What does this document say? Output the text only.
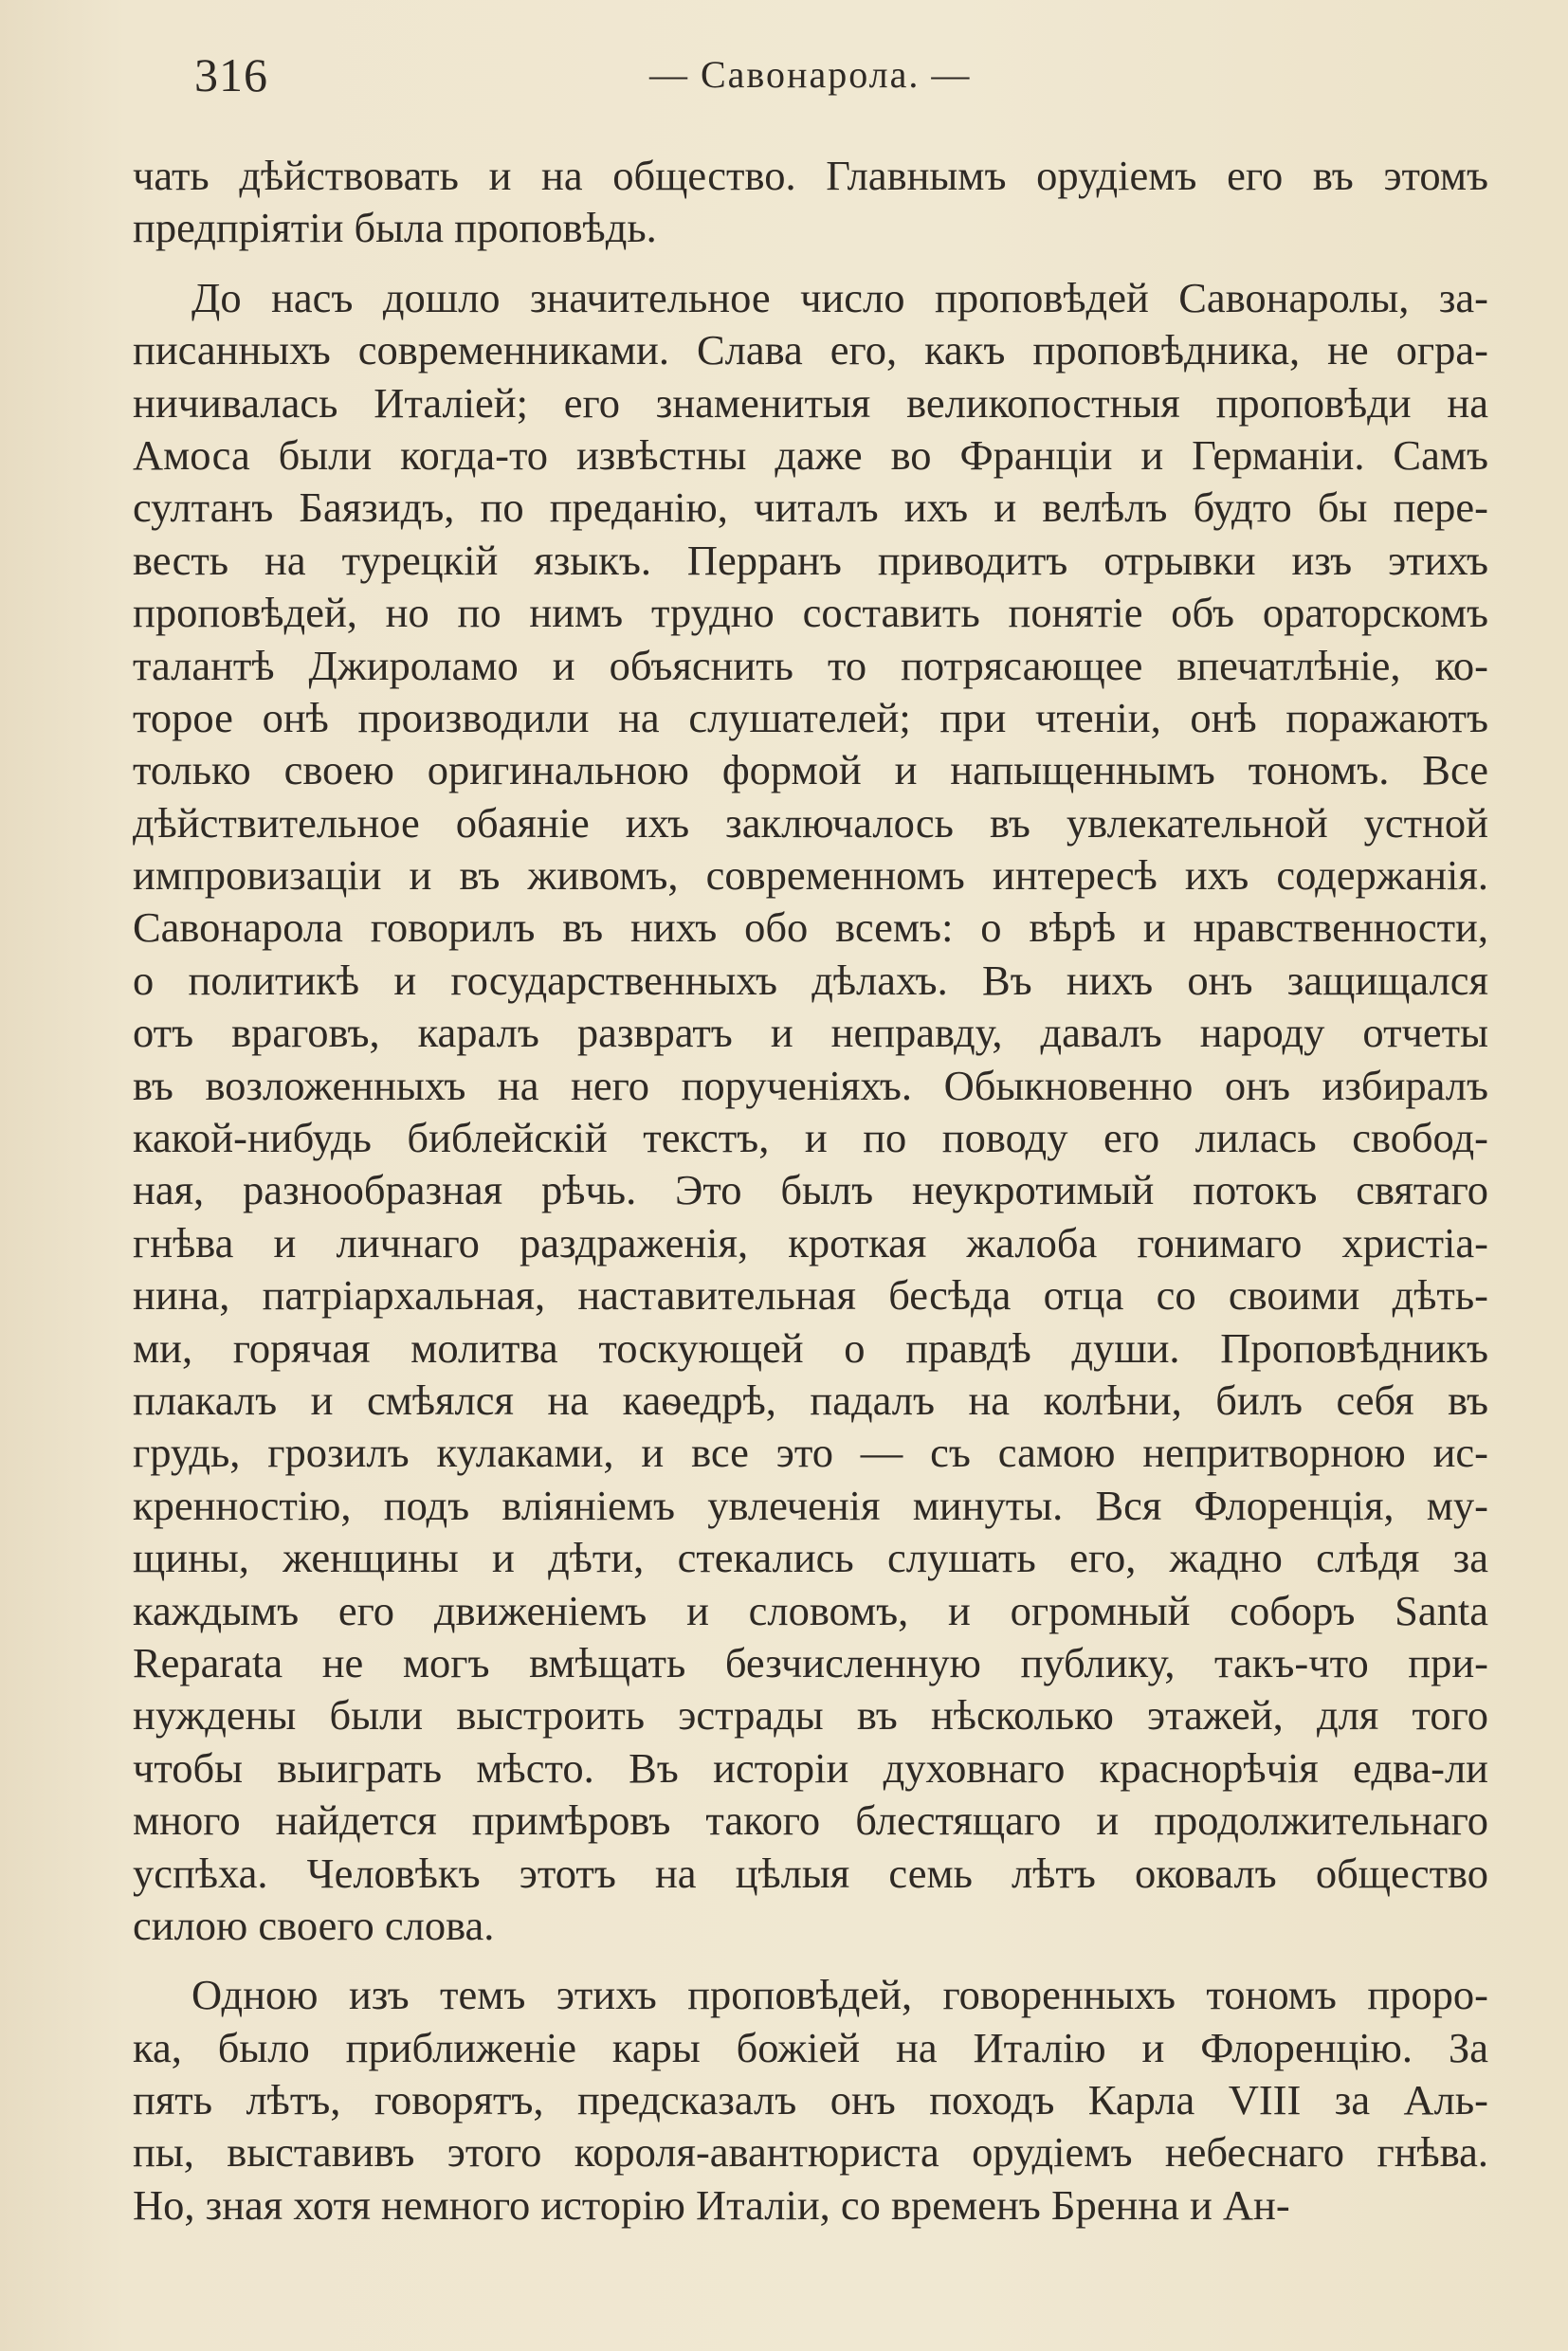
316	— Савонарола. —
чать дѣйствовать и на общество. Главнымъ орудіемъ его въ этомъ
предпріятіи была проповѣдь.
До насъ дошло значительное число проповѣдей Савонаролы, за-
писанныхъ современниками. Слава его, какъ проповѣдника, не огра-
ничивалась Италіей; его знаменитыя великопостныя проповѣди на
Амоса были когда-то извѣстны даже во Франціи и Германіи. Самъ
султанъ Баязидъ, по преданію, читалъ ихъ и велѣлъ будто бы пере-
весть на турецкій языкъ. Перранъ приводитъ отрывки изъ этихъ
проповѣдей, но по нимъ трудно составить понятіе объ ораторскомъ
талантѣ Джироламо и объяснить то потрясающее впечатлѣніе, ко-
торое онѣ производили на слушателей; при чтеніи, онѣ поражаютъ
только своею оригинальною формой и напыщеннымъ тономъ. Все
дѣйствительное обаяніе ихъ заключалось въ увлекательной устной
импровизаціи и въ живомъ, современномъ интересѣ ихъ содержанія.
Савонарола говорилъ въ нихъ обо всемъ: о вѣрѣ и нравственности,
о политикѣ и государственныхъ дѣлахъ. Въ нихъ онъ защищался
отъ враговъ, каралъ развратъ и неправду, давалъ народу отчеты
въ возложенныхъ на него порученіяхъ. Обыкновенно онъ избиралъ
какой-нибудь библейскій текстъ, и по поводу его лилась свобод-
ная, разнообразная рѣчь. Это былъ неукротимый потокъ святаго
гнѣва и личнаго раздраженія, кроткая жалоба гонимаго христіа-
нина, патріархальная, наставительная бесѣда отца со своими дѣть-
ми, горячая молитва тоскующей о правдѣ души. Проповѣдникъ
плакалъ и смѣялся на каѳедрѣ, падалъ на колѣни, билъ себя въ
грудь, грозилъ кулаками, и все это — съ самою непритворною ис-
кренностію, подъ вліяніемъ увлеченія минуты. Вся Флоренція, му-
щины, женщины и дѣти, стекались слушать его, жадно слѣдя за
каждымъ его движеніемъ и словомъ, и огромный соборъ Santa
Reparata не могъ вмѣщать безчисленную публику, такъ-что при-
нуждены были выстроить эстрады въ нѣсколько этажей, для того
чтобы выиграть мѣсто. Въ исторіи духовнаго краснорѣчія едва-ли
много найдется примѣровъ такого блестящаго и продолжительнаго
успѣха. Человѣкъ этотъ на цѣлыя семь лѣтъ оковалъ общество
силою своего слова.
Одною изъ темъ этихъ проповѣдей, говоренныхъ тономъ проро-
ка, было приближеніе кары божіей на Италію и Флоренцію. За
пять лѣтъ, говорятъ, предсказалъ онъ походъ Карла VIII за Аль-
пы, выставивъ этого короля-авантюриста орудіемъ небеснаго гнѣва.
Но, зная хотя немного исторію Италіи, со временъ Бренна и Ан-
